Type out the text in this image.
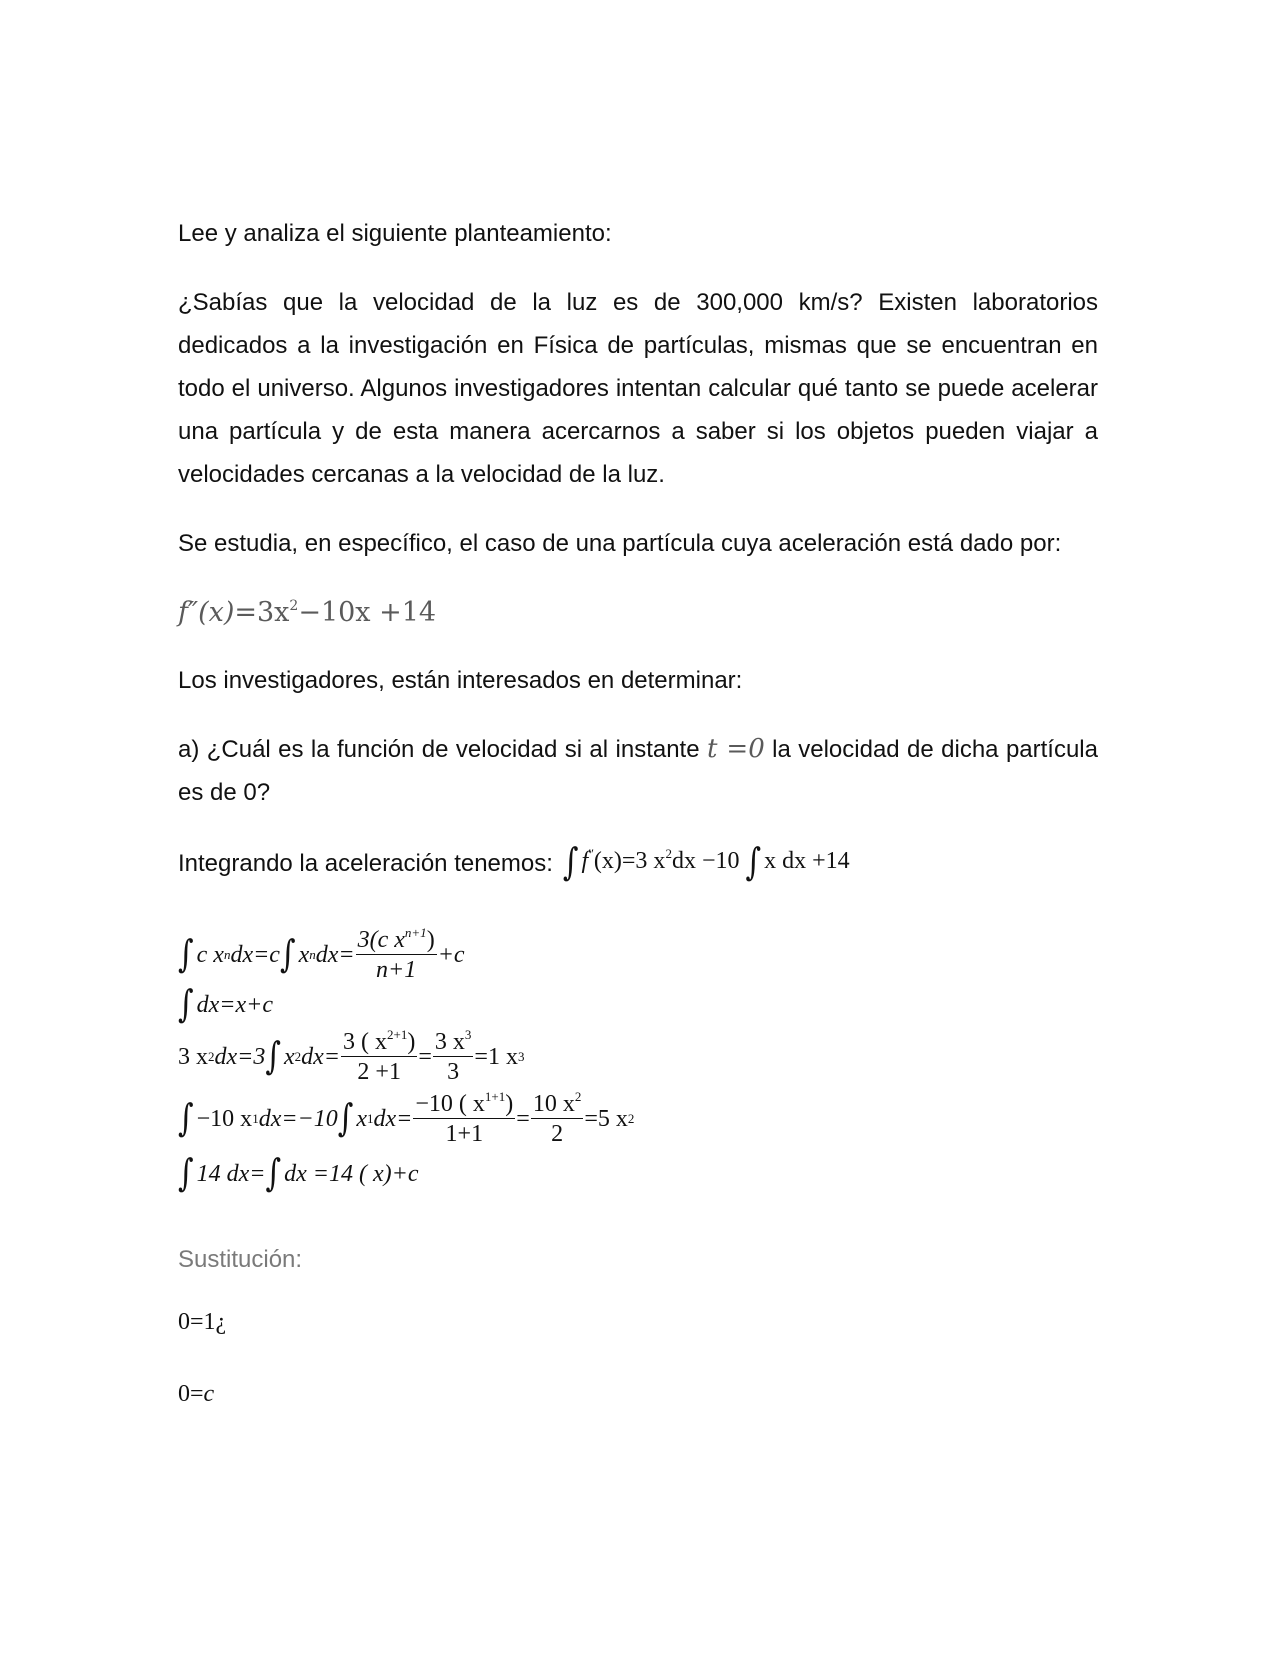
Lee y analiza el siguiente planteamiento:

¿Sabías que la velocidad de la luz es de 300,000 km/s? Existen laboratorios dedicados a la investigación en Física de partículas, mismas que se encuentran en todo el universo. Algunos investigadores intentan calcular qué tanto se puede acelerar una partícula y de esta manera acercarnos a saber si los objetos pueden viajar a velocidades cercanas a la velocidad de la luz.

Se estudia, en específico, el caso de una partícula cuya aceleración está dado por:

$f''(x)=3x^2-10x +14$

Los investigadores, están interesados en determinar:

a) ¿Cuál es la función de velocidad si al instante t =0 la velocidad de dicha partícula es de 0?

Integrando la aceleración tenemos: ∫ f′′(x)=3 $x^2dx -10$ ∫ x dx +14
∫ c x n dx=c ∫ x n $dx= \frac{3(c x^{n+1})}{n+1} +c$
∫ dx=x+c
3 x 2 dx=3 ∫ x 2 $dx= \frac{3 ( x^{2+1})}{2 +1} = \frac{3 x^3}{3} =1$ x 3
∫ −10 x 1 dx=−10 ∫ x 1 $dx= \frac{-10 ( x^{1+1})}{1+1} = \frac{10 x^2}{2} =5$ x 2
∫ 14 dx= ∫ dx =14 ( x)+c

Sustitución:

0=1¿

0=c
